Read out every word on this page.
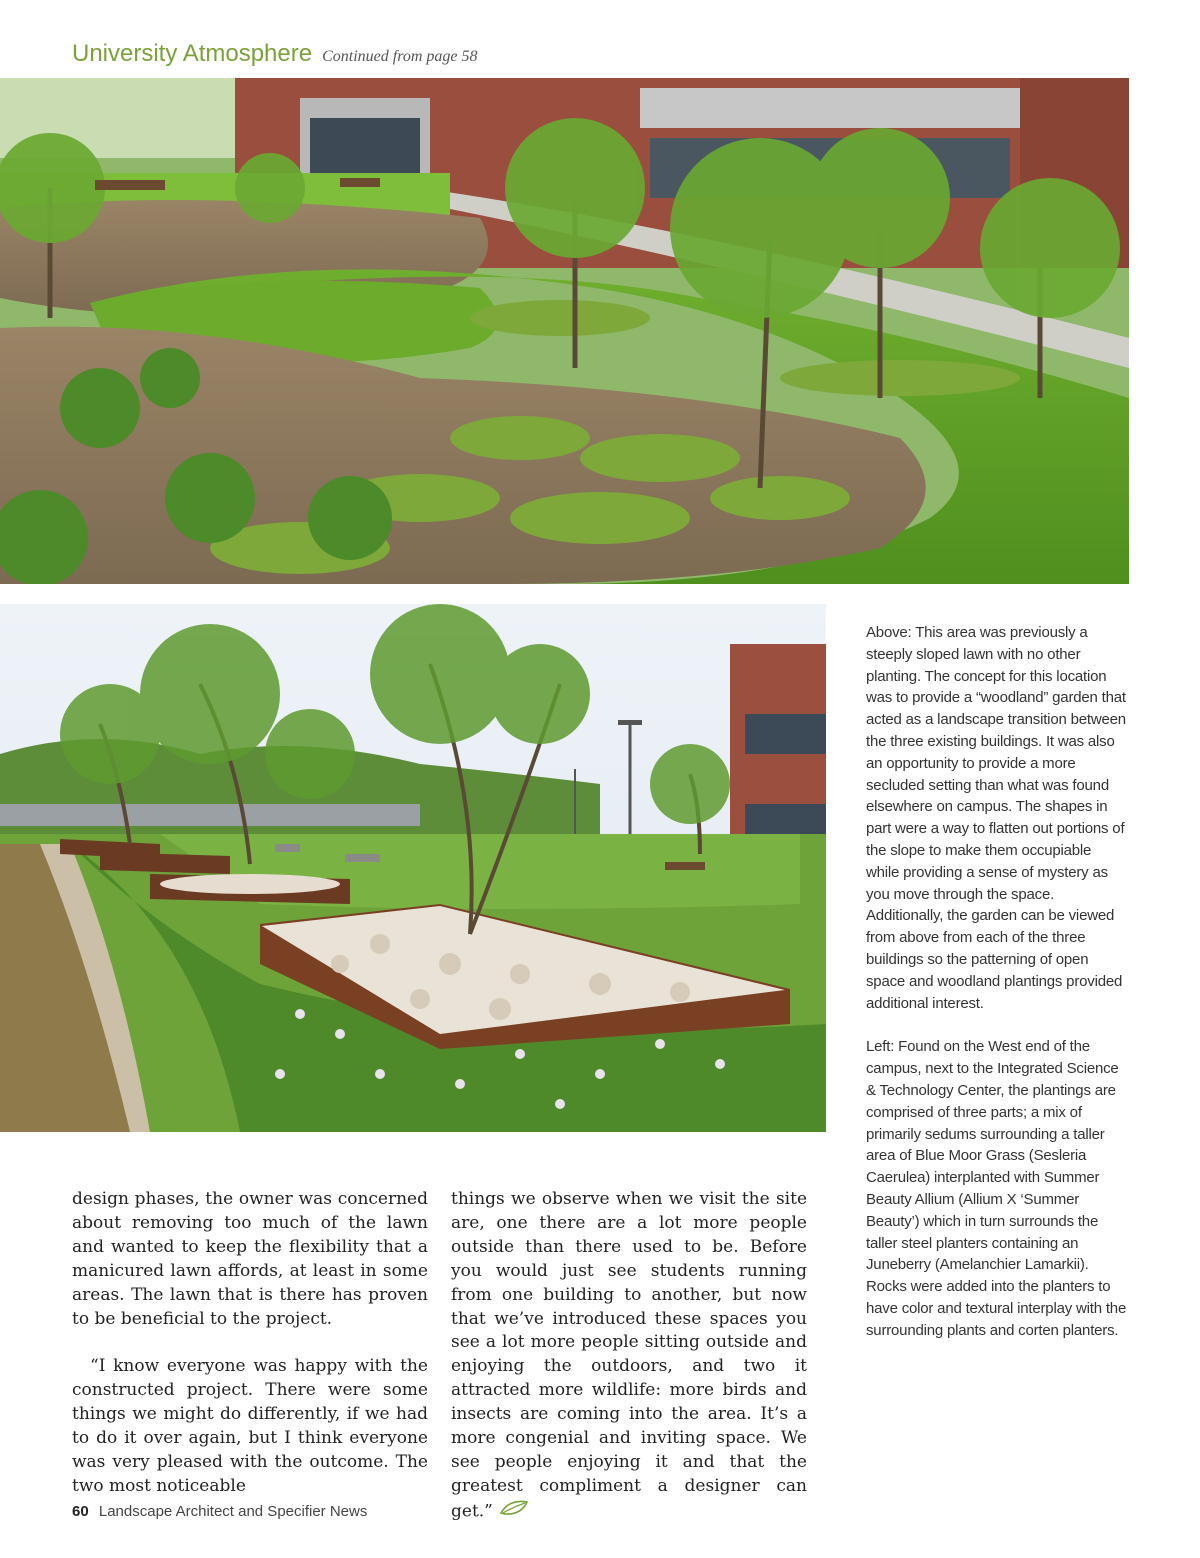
University Atmosphere Continued from page 58

Above: This area was previously a steeply sloped lawn with no other planting. The concept for this location was to provide a “woodland” garden that acted as a landscape transition between the three existing buildings. It was also an opportunity to provide a more secluded setting than what was found elsewhere on campus. The shapes in part were a way to flatten out portions of the slope to make them occupiable while providing a sense of mystery as you move through the space. Additionally, the garden can be viewed from above from each of the three buildings so the patterning of open space and woodland plantings provided additional interest.

Left: Found on the West end of the campus, next to the Integrated Science & Technology Center, the plantings are comprised of three parts; a mix of primarily sedums surrounding a taller area of Blue Moor Grass (Sesleria Caerulea) interplanted with Summer Beauty Allium (Allium X ‘Summer Beauty’) which in turn surrounds the taller steel planters containing an Juneberry (Amelanchier Lamarkii). Rocks were added into the planters to have color and textural interplay with the surrounding plants and corten planters.

design phases, the owner was concerned about removing too much of the lawn and wanted to keep the flexibility that a manicured lawn affords, at least in some areas. The lawn that is there has proven to be beneficial to the project.

“I know everyone was happy with the constructed project. There were some things we might do differently, if we had to do it over again, but I think everyone was very pleased with the outcome. The two most noticeable

things we observe when we visit the site are, one there are a lot more people outside than there used to be. Before you would just see students running from one building to another, but now that we’ve introduced these spaces you see a lot more people sitting outside and enjoying the outdoors, and two it attracted more wildlife: more birds and insects are coming into the area. It’s a more congenial and inviting space. We see people enjoying it and that the greatest compliment a designer can get.”

60 Landscape Architect and Specifier News
